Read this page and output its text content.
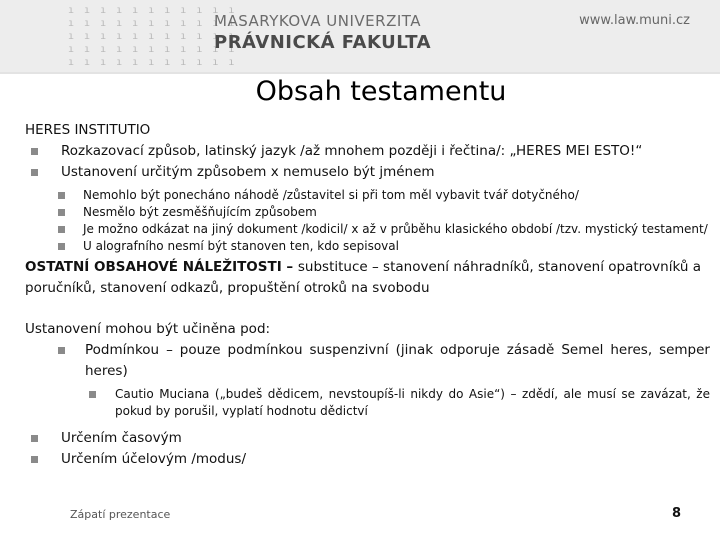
ı ı ı ı ı ı ı ı ı ı ı
ı ı ı ı ı ı ı ı ı ı ı
ı ı ı ı ı ı ı ı ı ı ı
ı ı ı ı ı ı ı ı ı ı ı
ı ı ı ı ı ı ı ı ı ı ı
MASARYKOVA UNIVERZITA
PRÁVNICKÁ FAKULTA
www.law.muni.cz
Obsah testamentu

HERES INSTITUTIO

Rozkazovací způsob, latinský jazyk /až mnohem později i řečtina/: „HERES MEI ESTO!“

Ustanovení určitým způsobem x nemuselo být jménem

Nemohlo být ponecháno náhodě /zůstavitel si při tom měl vybavit tvář dotyčného/

Nesmělo být zesměšňujícím způsobem

Je možno odkázat na jiný dokument /kodicil/ x až v průběhu klasického období /tzv. mystický testament/

U alografního nesmí být stanoven ten, kdo sepisoval

OSTATNÍ OBSAHOVÉ NÁLEŽITOSTI – substituce – stanovení náhradníků, stanovení opatrovníků a poručníků, stanovení odkazů, propuštění otroků na svobodu

Ustanovení mohou být učiněna pod:

Podmínkou – pouze podmínkou suspenzivní (jinak odporuje zásadě Semel heres, semper heres)

Cautio Muciana („budeš dědicem, nevstoupíš-li nikdy do Asie“) – zdědí, ale musí se zavázat, že pokud by porušil, vyplatí hodnotu dědictví

Určením časovým

Určením účelovým /modus/

Zápatí prezentace	8
